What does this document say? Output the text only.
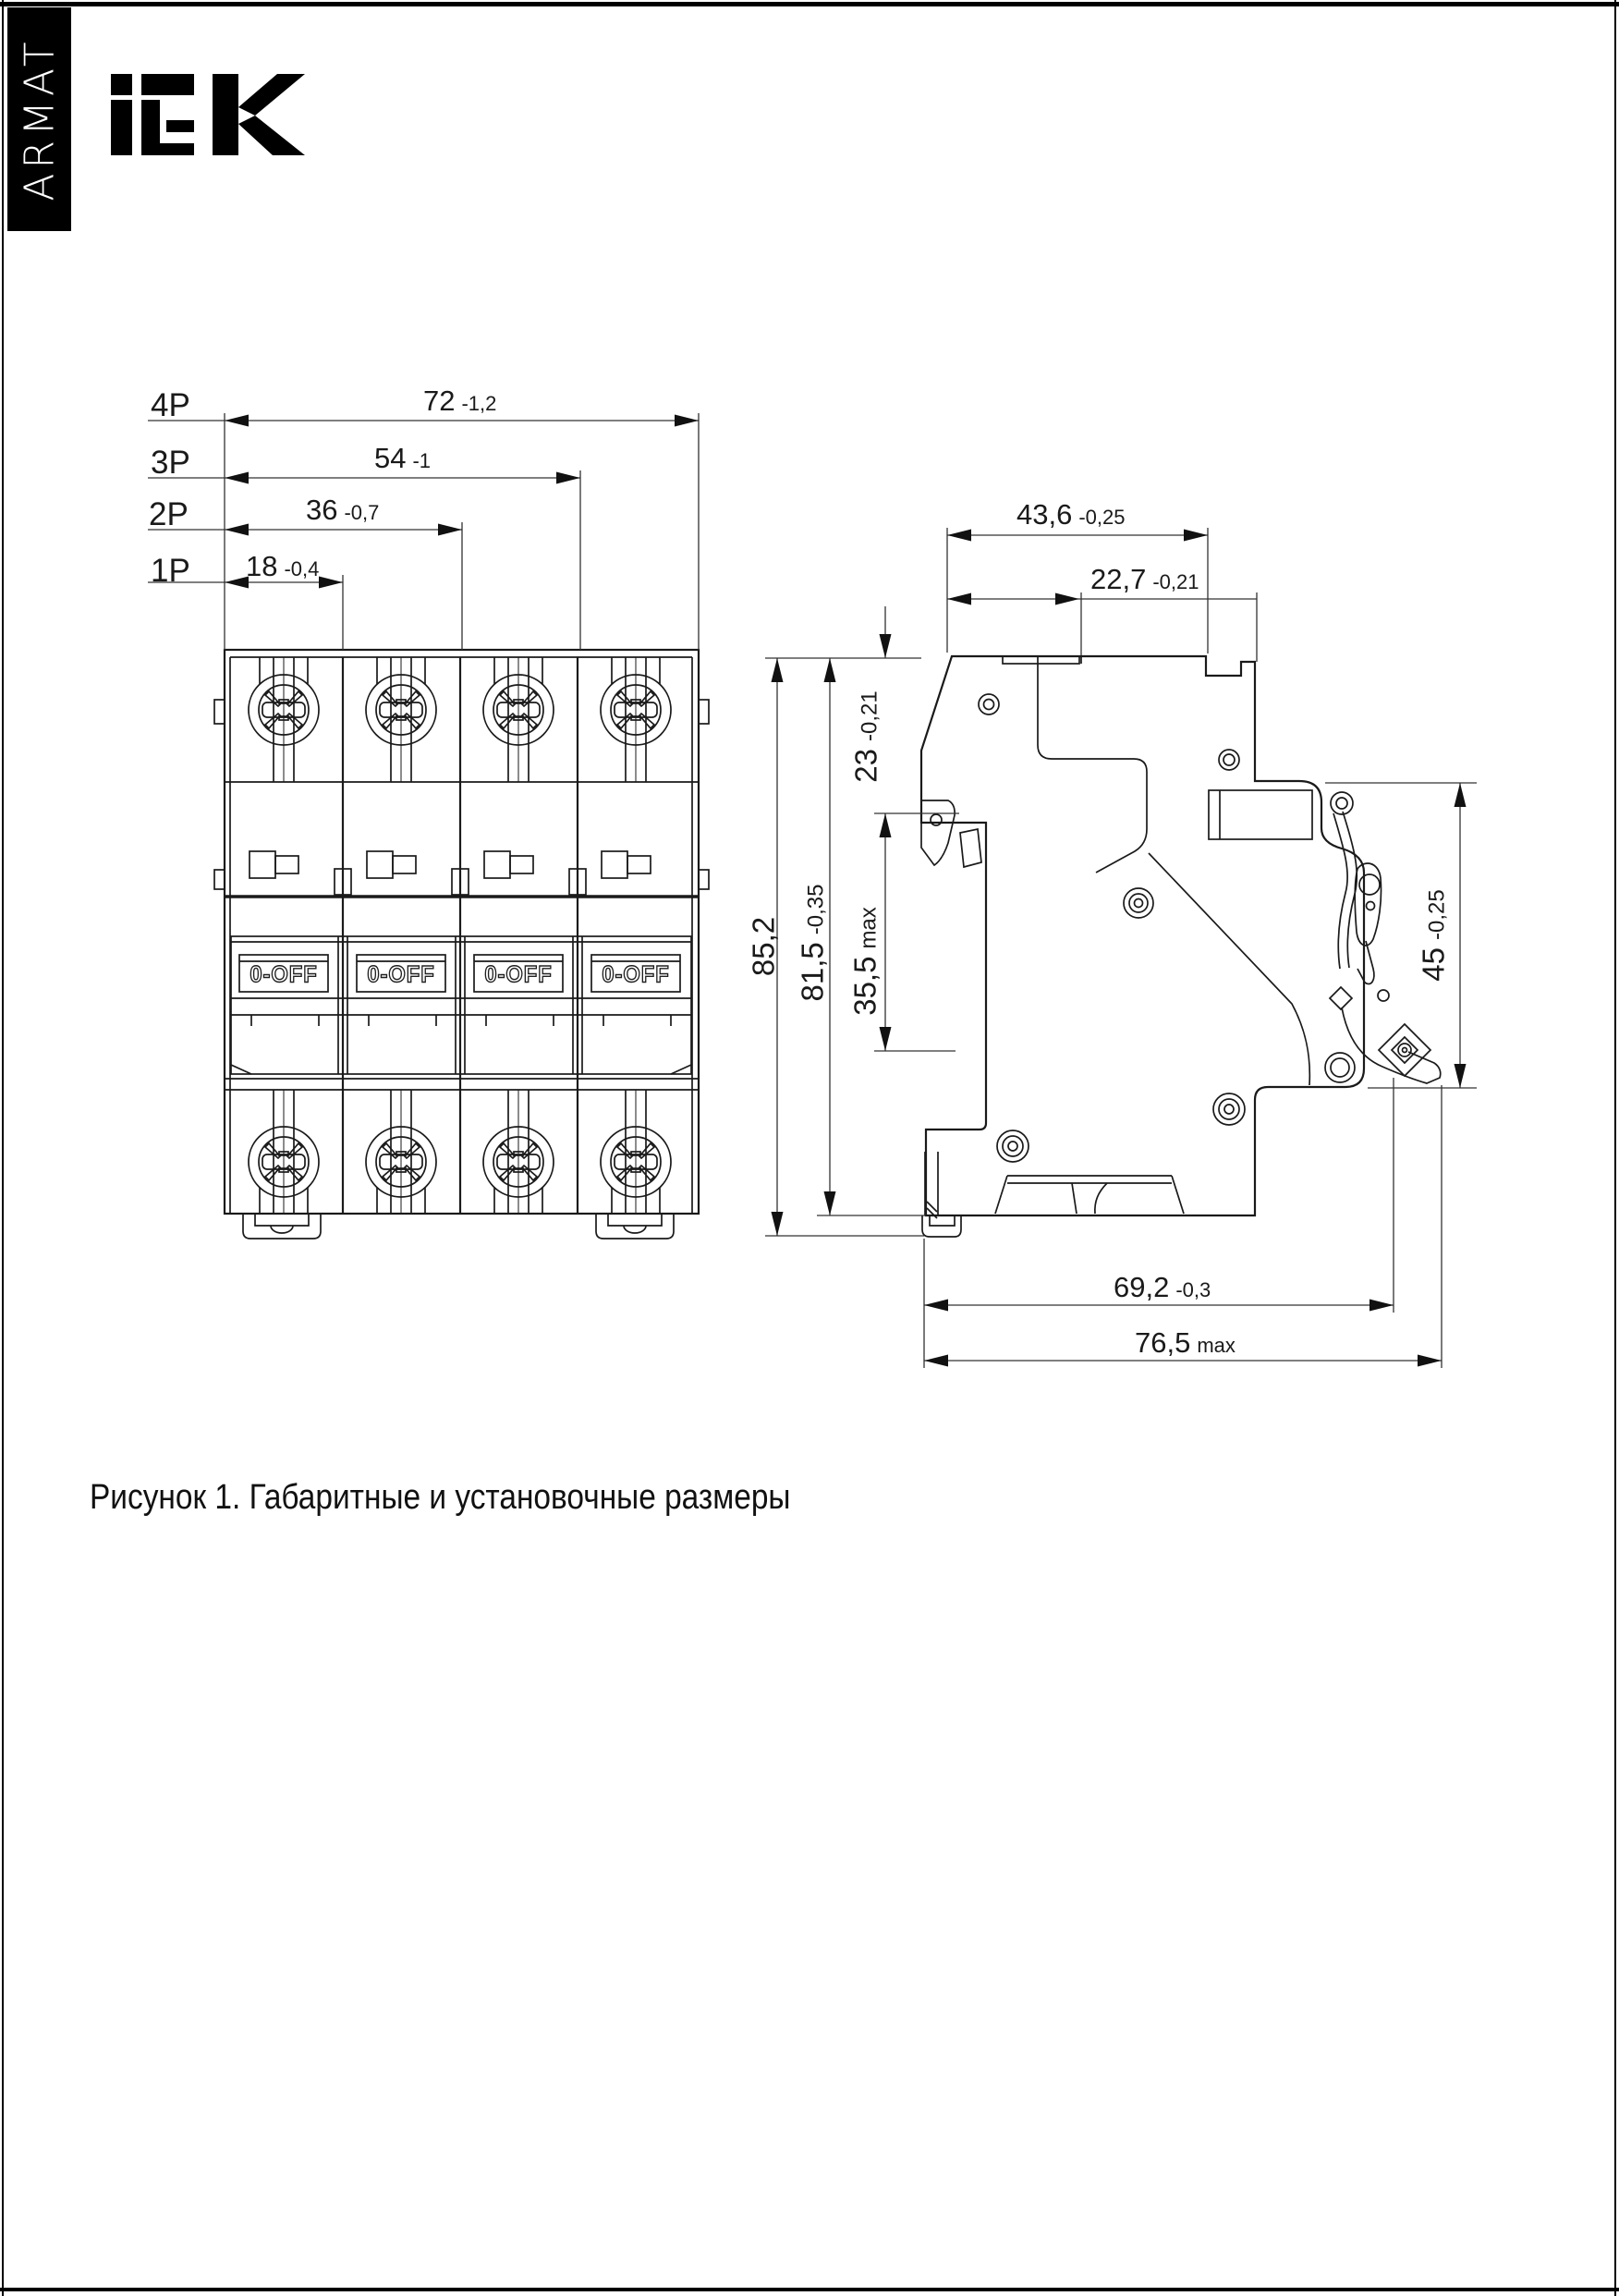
ARMAT
4P
3P
2P
1P
72 -1,2
54 -1
36 -0,7
18 -0,4
43,6 -0,25
22,7 -0,21
69,2 -0,3
76,5 max
85,2 81,5
-0,35
23
-0,21
35,5
max
45
-0,25
0-OFF 0-OFF 0-OFF 0-OFF
Рисунок 1. Габаритные и установочные размеры
